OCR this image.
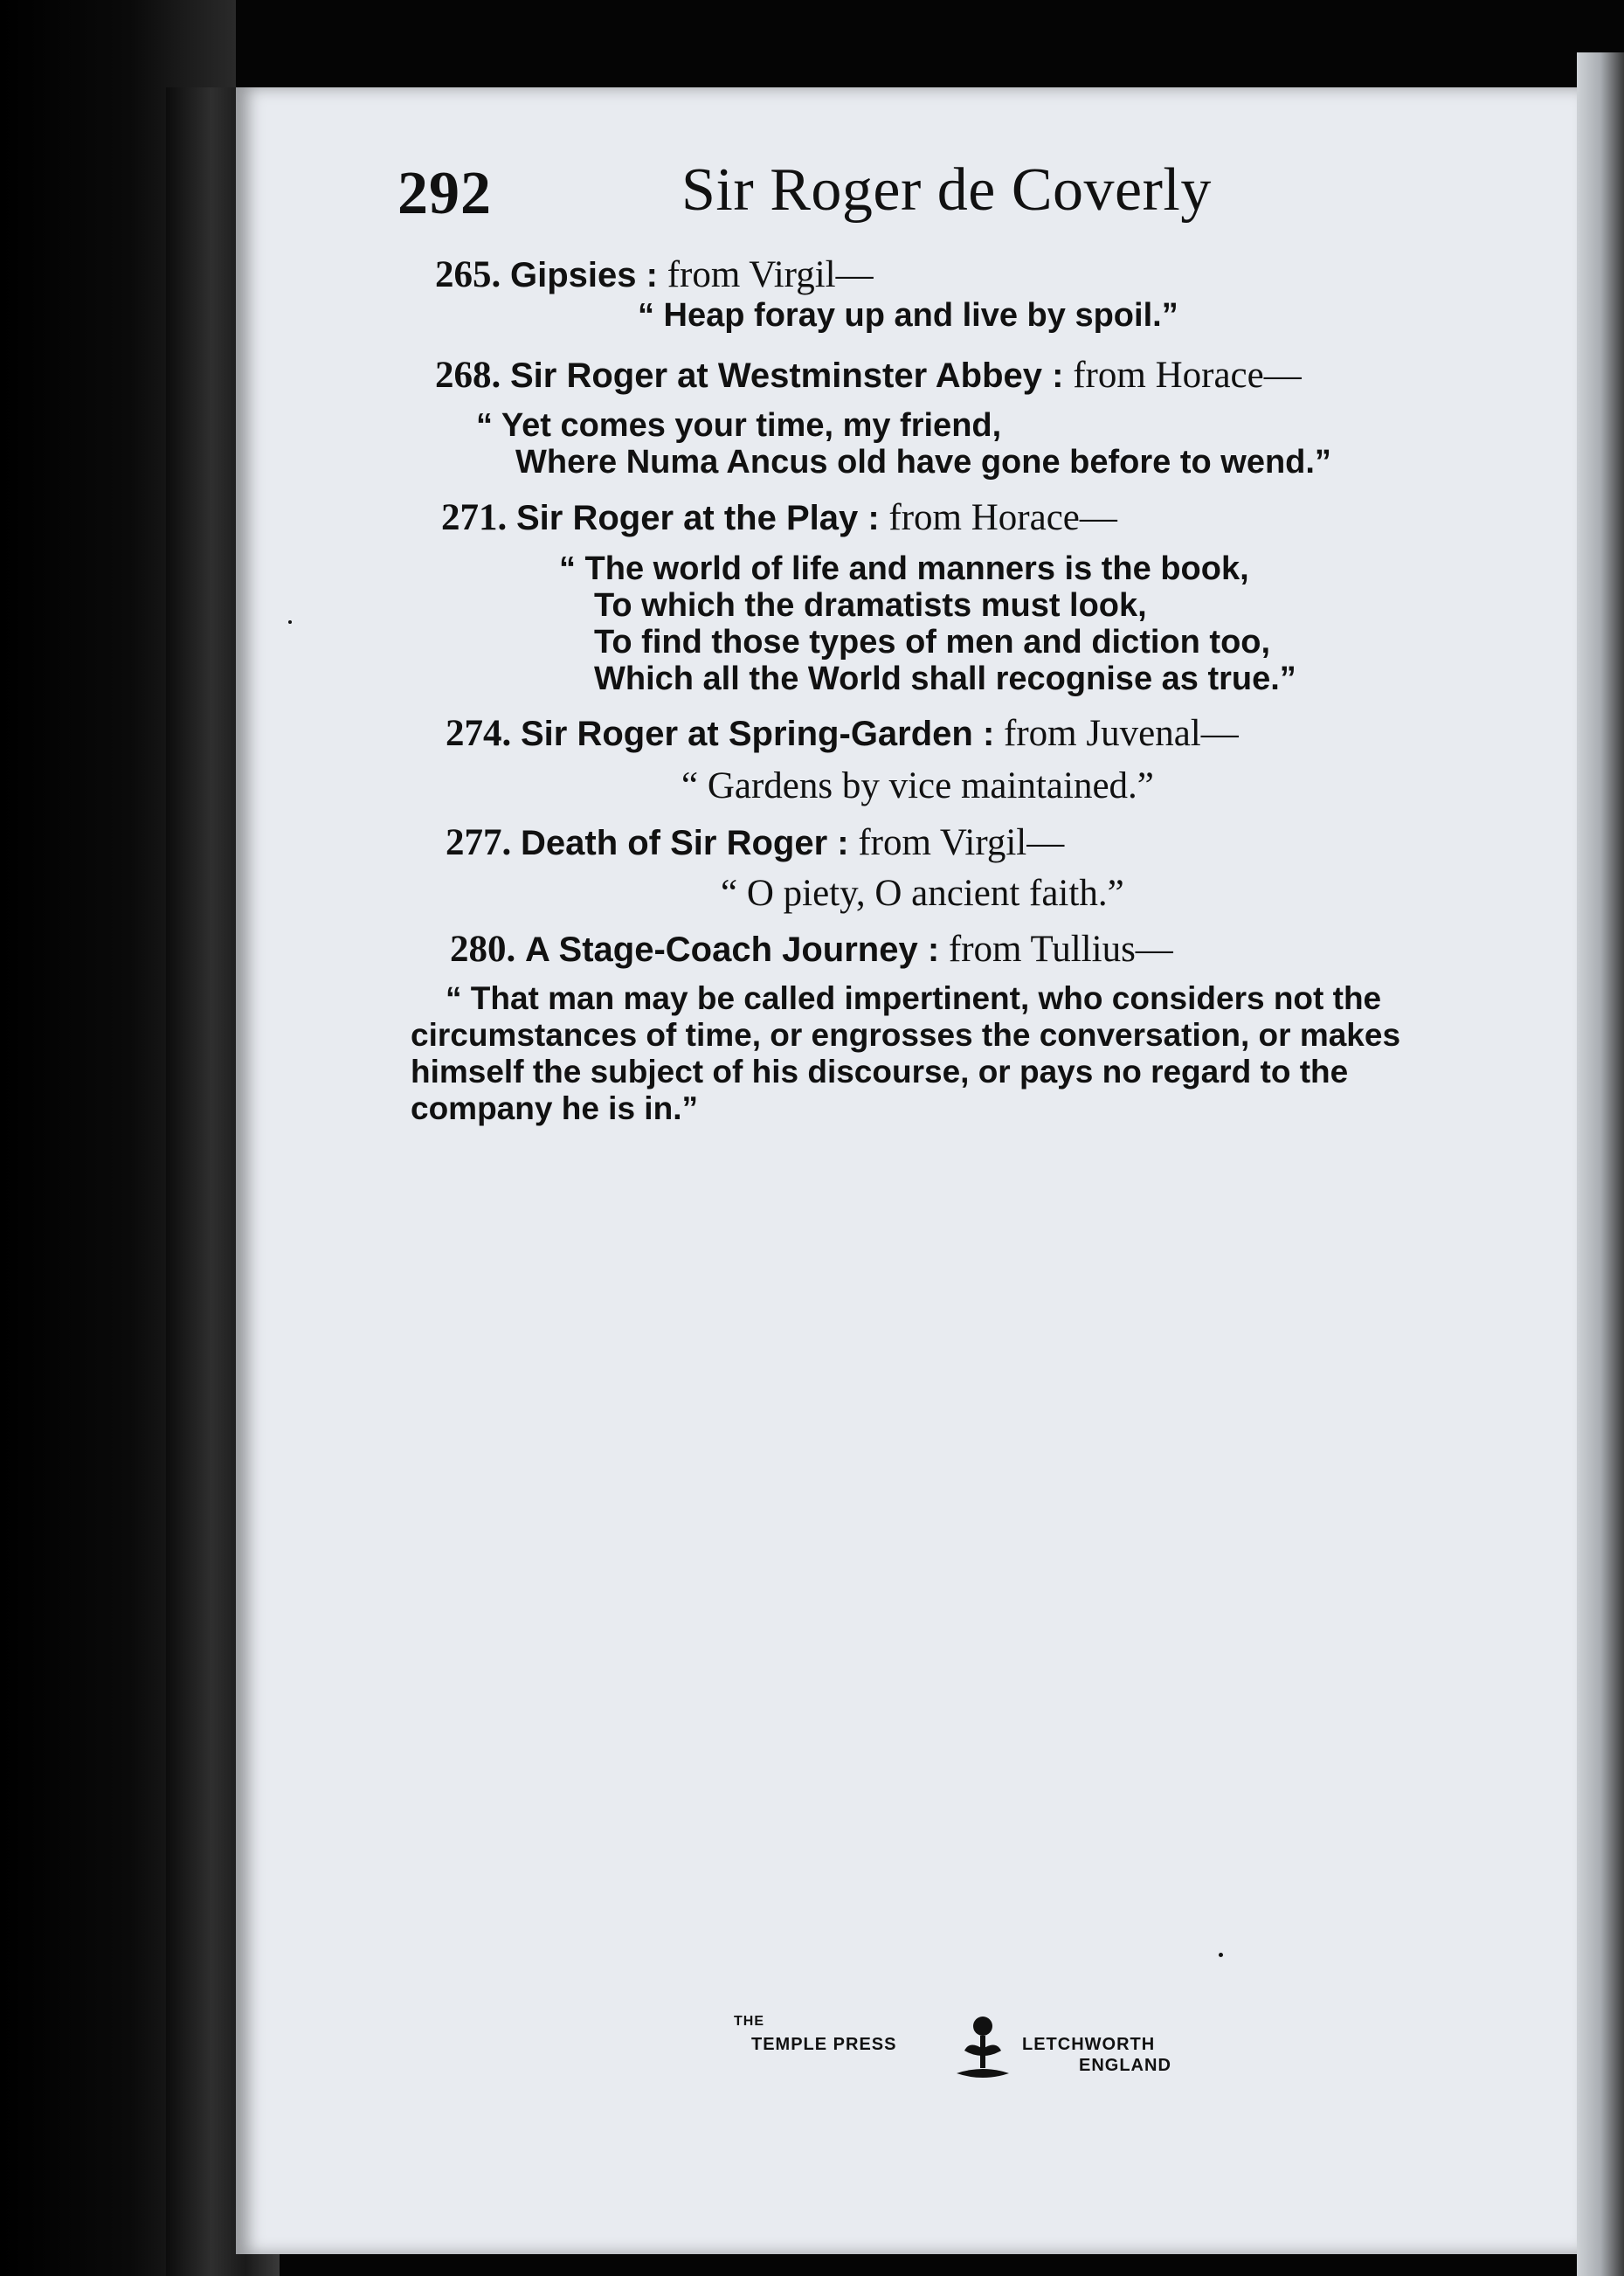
292	Sir Roger de Coverly
265. Gipsies : from Virgil—
“ Heap foray up and live by spoil.”
268. Sir Roger at Westminster Abbey : from Horace—
“ Yet comes your time, my friend,
Where Numa Ancus old have gone before to wend.”
271. Sir Roger at the Play : from Horace—
“ The world of life and manners is the book,
To which the dramatists must look,
To find those types of men and diction too,
Which all the World shall recognise as true.”
274. Sir Roger at Spring-Garden : from Juvenal—
“ Gardens by vice maintained.”
277. Death of Sir Roger : from Virgil—
“ O piety, O ancient faith.”
280. A Stage-Coach Journey : from Tullius—
“ That man may be called impertinent, who considers not the
circumstances of time, or engrosses the conversation, or makes
himself the subject of his discourse, or pays no regard to the
company he is in.”
THE
TEMPLE PRESS	LETCHWORTH
ENGLAND
